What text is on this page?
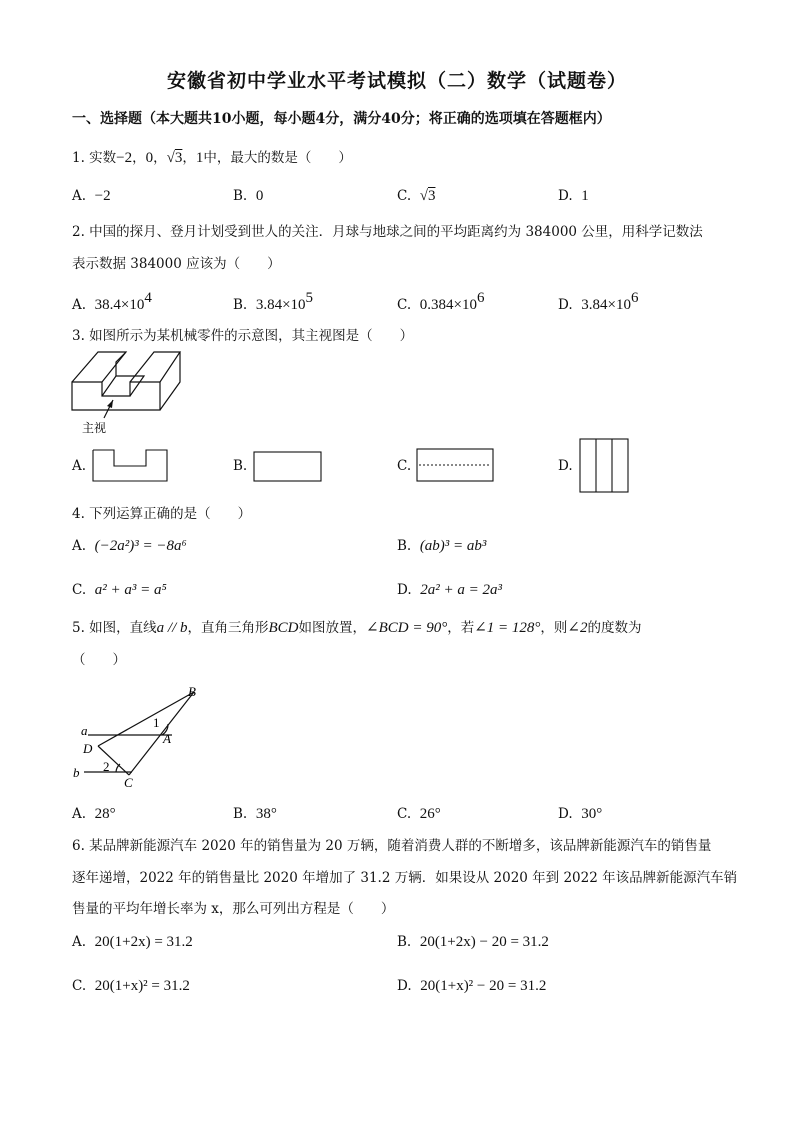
安徽省初中学业水平考试模拟（二）数学（试题卷）
一、选择题（本大题共10小题，每小题4分，满分40分；将正确的选项填在答题框内）
1. 实数−2，0，√3，1中，最大的数是（　　）
A. −2	B. 0	C. √3	D. 1
2. 中国的探月、登月计划受到世人的关注．月球与地球之间的平均距离约为 384000 公里，用科学记数法
表示数据 384000 应该为（　　）
A. $38.4\times 10^4$	B. $3.84\times 10^5$	C. $0.384\times 10^6$	D. $3.84\times 10^6$
3. 如图所示为某机械零件的示意图，其主视图是（　　）
主视
A.	B.	C.	D.
4. 下列运算正确的是（　　）
A. (−2a²)³ = −8a⁶	B. (ab)³ = ab³
C. a² + a³ = a⁵	D. 2a² + a = 2a³
5. 如图，直线a // b，直角三角形BCD如图放置，∠BCD = 90°，若∠1 = 128°，则∠2的度数为
（　　）
B
a
1
A
D
2
b
C
A. 28°	B. 38°	C. 26°	D. 30°
6. 某品牌新能源汽车 2020 年的销售量为 20 万辆，随着消费人群的不断增多，该品牌新能源汽车的销售量
逐年递增，2022 年的销售量比 2020 年增加了 31.2 万辆．如果设从 2020 年到 2022 年该品牌新能源汽车销
售量的平均年增长率为 x，那么可列出方程是（　　）
A. 20(1+2x) = 31.2	B. 20(1+2x) − 20 = 31.2
C. 20(1+x)² = 31.2	D. 20(1+x)² − 20 = 31.2
